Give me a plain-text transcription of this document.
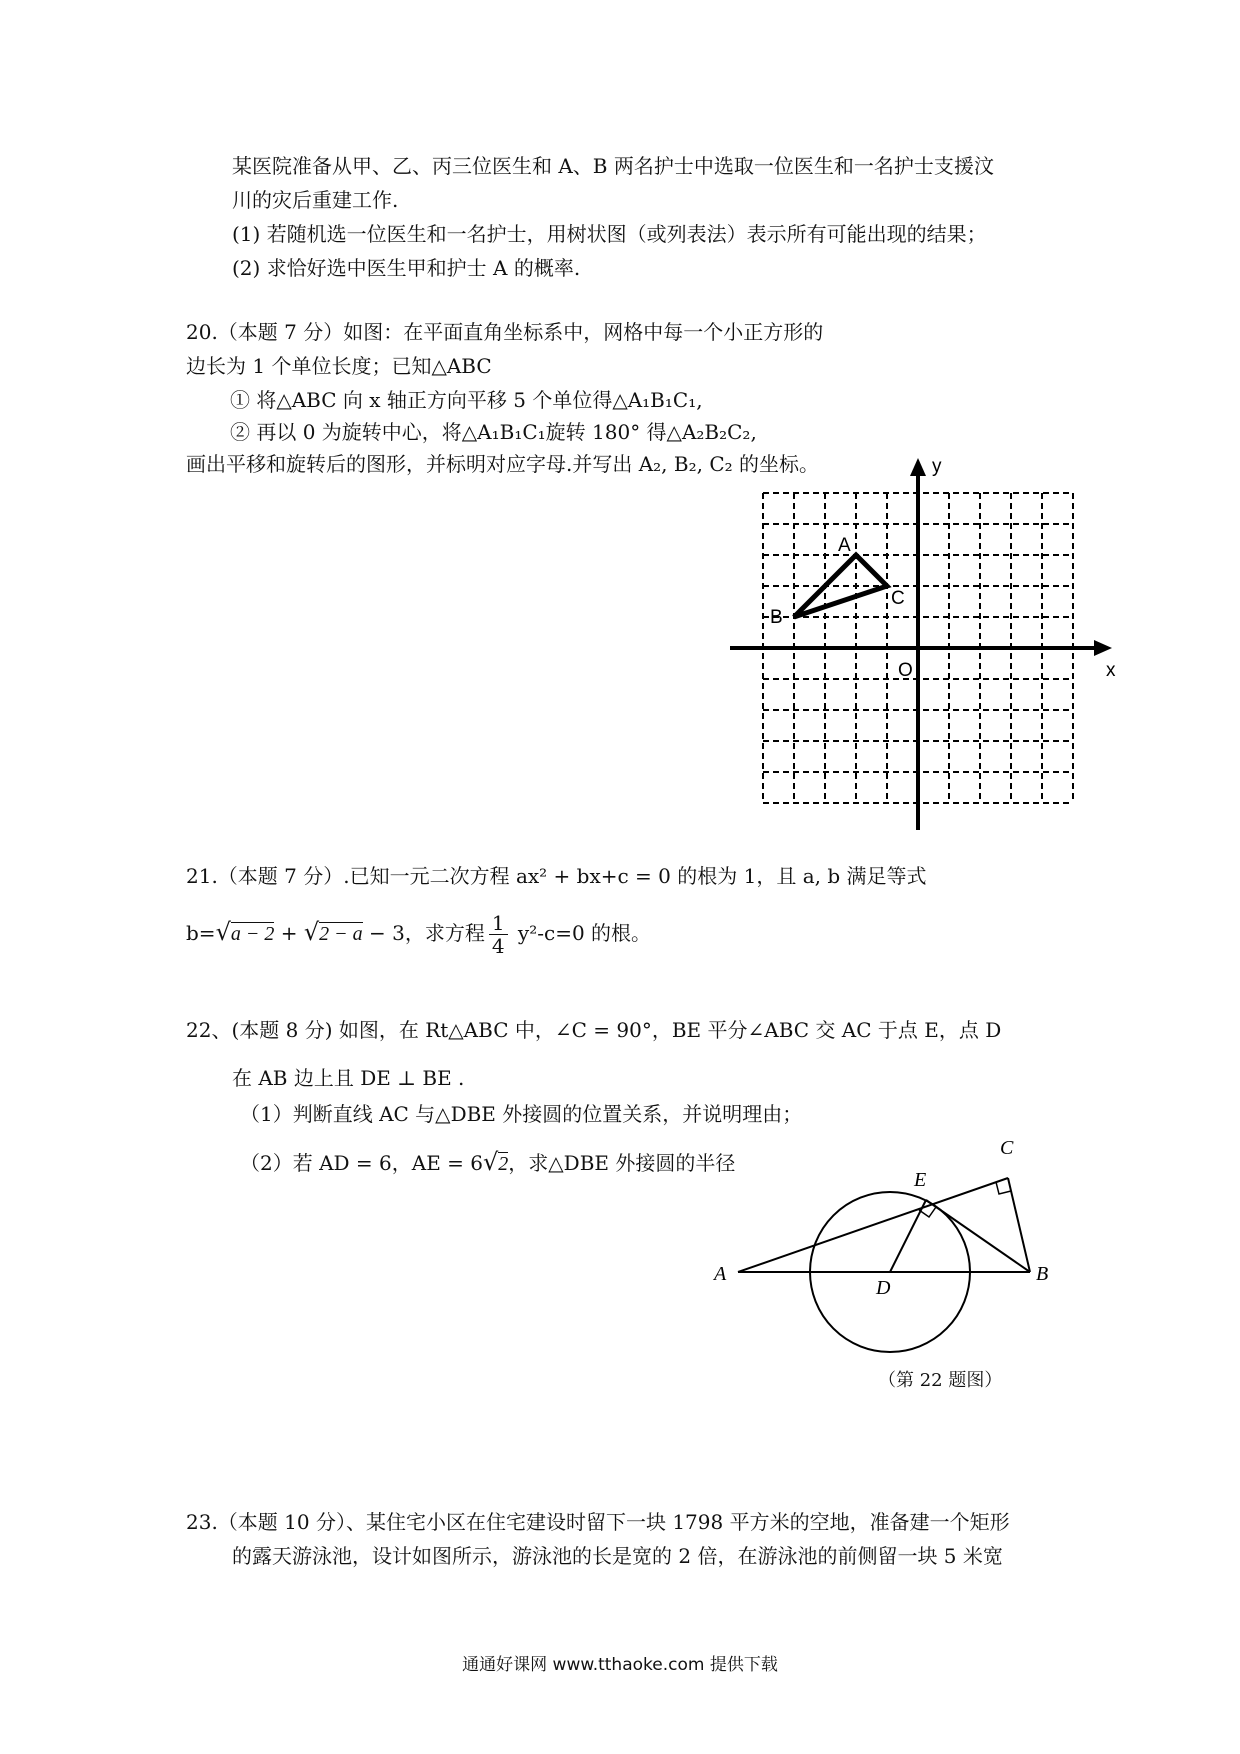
某医院准备从甲、乙、丙三位医生和 A、B 两名护士中选取一位医生和一名护士支援汶
川的灾后重建工作.
(1) 若随机选一位医生和一名护士，用树状图（或列表法）表示所有可能出现的结果；
(2) 求恰好选中医生甲和护士 A 的概率.
20.（本题 7 分）如图：在平面直角坐标系中，网格中每一个小正方形的
边长为 1 个单位长度；已知△ABC
① 将△ABC 向 x 轴正方向平移 5 个单位得△A₁B₁C₁,
② 再以 0 为旋转中心，将△A₁B₁C₁旋转 180° 得△A₂B₂C₂,
画出平移和旋转后的图形，并标明对应字母.并写出 A₂, B₂, C₂ 的坐标。	y
x
O
A
B
C
21.（本题 7 分）.已知一元二次方程 ax² + bx+c = 0 的根为 1，且 a, b 满足等式
b=√a − 2 + √2 − a − 3，求方程 $\frac{1}{4} y^2-c=0$ 的根。
22、(本题 8 分) 如图，在 Rt△ABC 中，∠C = 90°，BE 平分∠ABC 交 AC 于点 E，点 D
在 AB 边上且 DE ⊥ BE .
（1）判断直线 AC 与△DBE 外接圆的位置关系，并说明理由；
（2）若 AD = 6，AE = 6√2，求△DBE 外接圆的半径
A	B
C
D
E
（第 22 题图）
23.（本题 10 分）、某住宅小区在住宅建设时留下一块 1798 平方米的空地，准备建一个矩形
的露天游泳池，设计如图所示，游泳池的长是宽的 2 倍，在游泳池的前侧留一块 5 米宽
通通好课网 www.tthaoke.com 提供下载
